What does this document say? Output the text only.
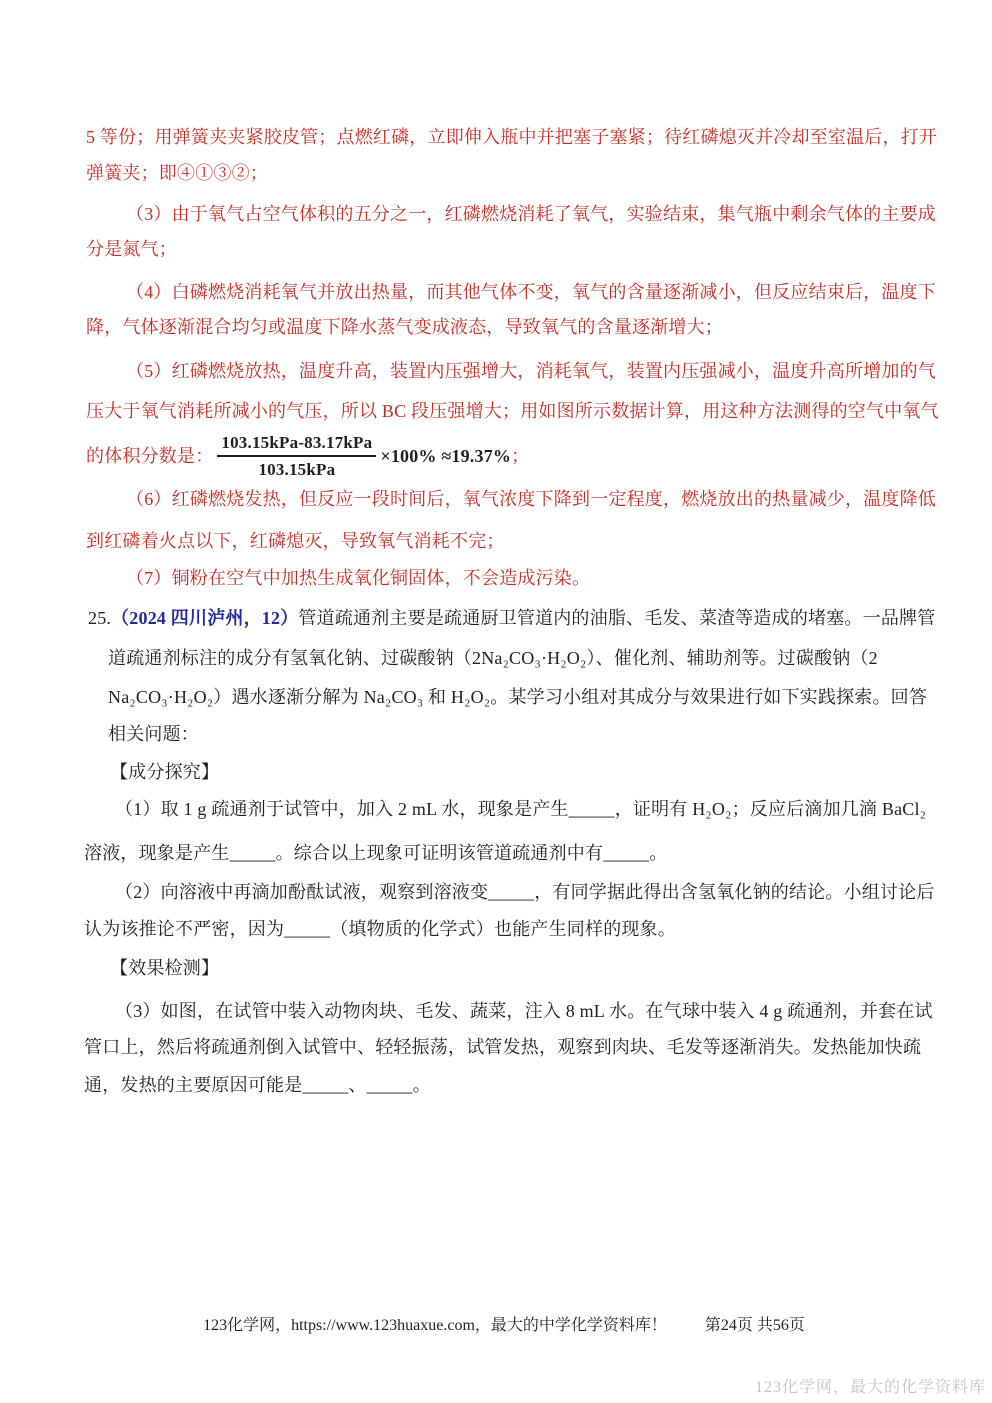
123化学网，https://www.123huaxue.com，最大的中学化学资料库！ 第24页 共56页

123化学网，最大的化学资料库
5 等份；用弹簧夹夹紧胶皮管；点燃红磷，立即伸入瓶中并把塞子塞紧；待红磷熄灭并冷却至室温后，打开
弹簧夹；即④①③②；
（3）由于氧气占空气体积的五分之一，红磷燃烧消耗了氧气，实验结束，集气瓶中剩余气体的主要成
分是氮气；
（4）白磷燃烧消耗氧气并放出热量，而其他气体不变，氧气的含量逐渐减小，但反应结束后，温度下
降，气体逐渐混合均匀或温度下降水蒸气变成液态，导致氧气的含量逐渐增大；
（5）红磷燃烧放热，温度升高，装置内压强增大，消耗氧气，装置内压强减小，温度升高所增加的气
压大于氧气消耗所减小的气压，所以 BC 段压强增大；用如图所示数据计算，用这种方法测得的空气中氧气
的体积分数是： $\frac{\text{103.15kPa-83.17kPa}}{\text{103.15kPa}} \times 100\% \approx 19.37\%$ ；
（6）红磷燃烧发热，但反应一段时间后，氧气浓度下降到一定程度，燃烧放出的热量减少，温度降低
到红磷着火点以下，红磷熄灭，导致氧气消耗不完；
（7）铜粉在空气中加热生成氧化铜固体，不会造成污染。
25.（2024 四川泸州，12）管道疏通剂主要是疏通厨卫管道内的油脂、毛发、菜渣等造成的堵塞。一品牌管
道疏通剂标注的成分有氢氧化钠、过碳酸钠（2Na₂CO₃·H₂O₂）、催化剂、辅助剂等。过碳酸钠（2
Na₂CO₃·H₂O₂）遇水逐渐分解为 Na₂CO₃ 和 H₂O₂。某学习小组对其成分与效果进行如下实践探索。回答
相关问题：
【成分探究】
（1）取 1 g 疏通剂于试管中，加入 2 mL 水，现象是产生_____，证明有 H₂O₂；反应后滴加几滴 BaCl₂
溶液，现象是产生_____。综合以上现象可证明该管道疏通剂中有_____。
（2）向溶液中再滴加酚酞试液，观察到溶液变_____，有同学据此得出含氢氧化钠的结论。小组讨论后
认为该推论不严密，因为_____（填物质的化学式）也能产生同样的现象。
【效果检测】
（3）如图，在试管中装入动物肉块、毛发、蔬菜，注入 8 mL 水。在气球中装入 4 g 疏通剂，并套在试
管口上，然后将疏通剂倒入试管中、轻轻振荡，试管发热，观察到肉块、毛发等逐渐消失。发热能加快疏
通，发热的主要原因可能是_____、_____。
